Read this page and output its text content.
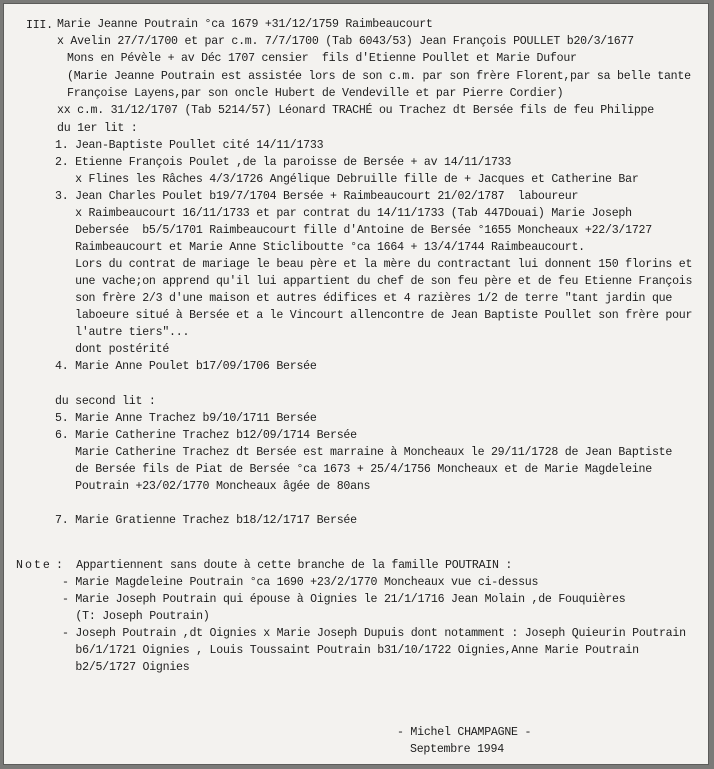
III. Marie Jeanne Poutrain °ca 1679 +31/12/1759 Raimbeaucourt
x Avelin 27/7/1700 et par c.m. 7/7/1700 (Tab 6043/53) Jean François POULLET b20/3/1677
Mons en Pévèle + av Déc 1707 censier  fils d'Etienne Poullet et Marie Dufour
(Marie Jeanne Poutrain est assistée lors de son c.m. par son frère Florent,par sa belle tante
Françoise Layens,par son oncle Hubert de Vendeville et par Pierre Cordier)
xx c.m. 31/12/1707 (Tab 5214/57) Léonard TRACHÉ ou Trachez dt Bersée fils de feu Philippe
du 1er lit :
1. Jean-Baptiste Poullet cité 14/11/1733
2. Etienne François Poulet ,de la paroisse de Bersée + av 14/11/1733
x Flines les Râches 4/3/1726 Angélique Debruille fille de + Jacques et Catherine Bar
3. Jean Charles Poulet b19/7/1704 Bersée + Raimbeaucourt 21/02/1787  laboureur
x Raimbeaucourt 16/11/1733 et par contrat du 14/11/1733 (Tab 447Douai) Marie Joseph
Debersée  b5/5/1701 Raimbeaucourt fille d'Antoine de Bersée °1655 Moncheaux +22/3/1727
Raimbeaucourt et Marie Anne Sticliboutte °ca 1664 + 13/4/1744 Raimbeaucourt.
Lors du contrat de mariage le beau père et la mère du contractant lui donnent 150 florins et
une vache;on apprend qu'il lui appartient du chef de son feu père et de feu Etienne François
son frère 2/3 d'une maison et autres édifices et 4 razières 1/2 de terre "tant jardin que
laboeure situé à Bersée et a le Vincourt allencontre de Jean Baptiste Poullet son frère pour
l'autre tiers"...
dont postérité
4. Marie Anne Poulet b17/09/1706 Bersée
du second lit :
5. Marie Anne Trachez b9/10/1711 Bersée
6. Marie Catherine Trachez b12/09/1714 Bersée
Marie Catherine Trachez dt Bersée est marraine à Moncheaux le 29/11/1728 de Jean Baptiste
de Bersée fils de Piat de Bersée °ca 1673 + 25/4/1756 Moncheaux et de Marie Magdeleine
Poutrain +23/02/1770 Moncheaux âgée de 80ans
7. Marie Gratienne Trachez b18/12/1717 Bersée
Note :  Appartiennent sans doute à cette branche de la famille POUTRAIN :
- Marie Magdeleine Poutrain °ca 1690 +23/2/1770 Moncheaux vue ci-dessus
- Marie Joseph Poutrain qui épouse à Oignies le 21/1/1716 Jean Molain ,de Fouquières
(T: Joseph Poutrain)
- Joseph Poutrain ,dt Oignies x Marie Joseph Dupuis dont notamment : Joseph Quieurin Poutrain
b6/1/1721 Oignies , Louis Toussaint Poutrain b31/10/1722 Oignies,Anne Marie Poutrain
b2/5/1727 Oignies
- Michel CHAMPAGNE -
Septembre 1994
